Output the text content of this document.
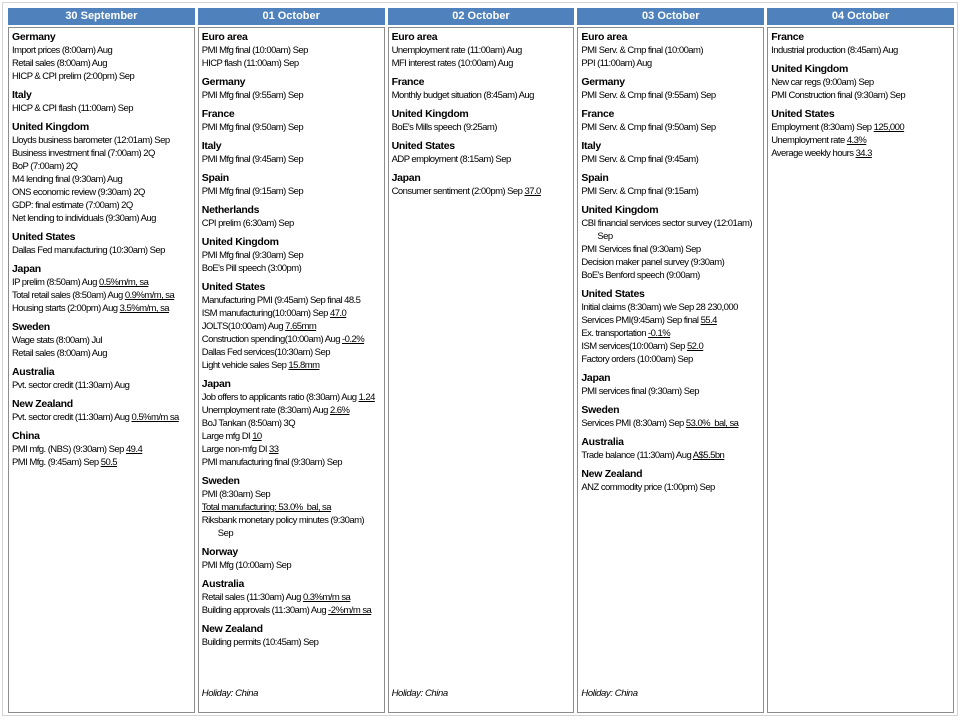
30 September
Germany
Import prices (8:00am) Aug
Retail sales (8:00am) Aug
HICP & CPI prelim (2:00pm) Sep
Italy
HICP & CPI flash (11:00am) Sep
United Kingdom
Lloyds business barometer (12:01am) Sep
Business investment final (7:00am) 2Q
BoP (7:00am) 2Q
M4 lending final (9:30am) Aug
ONS economic review (9:30am) 2Q
GDP: final estimate (7:00am) 2Q
Net lending to individuals (9:30am) Aug
United States
Dallas Fed manufacturing (10:30am) Sep
Japan
IP prelim (8:50am) Aug 0.5%m/m, sa
Total retail sales (8:50am) Aug 0.9%m/m, sa
Housing starts (2:00pm) Aug 3.5%m/m, sa
Sweden
Wage stats (8:00am) Jul
Retail sales (8:00am) Aug
Australia
Pvt. sector credit (11:30am) Aug
New Zealand
Pvt. sector credit (11:30am) Aug 0.5%m/m sa
China
PMI mfg. (NBS) (9:30am) Sep 49.4
PMI Mfg. (9:45am) Sep 50.5
01 October
Euro area
PMI Mfg final (10:00am) Sep
HICP flash (11:00am) Sep
Germany
PMI Mfg final (9:55am) Sep
France
PMI Mfg final (9:50am) Sep
Italy
PMI Mfg final (9:45am) Sep
Spain
PMI Mfg final (9:15am) Sep
Netherlands
CPI prelim (6:30am) Sep
United Kingdom
PMI Mfg final (9:30am) Sep
BoE's Pill speech (3:00pm)
United States
Manufacturing PMI (9:45am) Sep final 48.5
ISM manufacturing(10:00am) Sep 47.0
JOLTS(10:00am) Aug 7.65mm
Construction spending(10:00am) Aug -0.2%
Dallas Fed services(10:30am) Sep
Light vehicle sales Sep 15.8mm
Japan
Job offers to applicants ratio (8:30am) Aug 1.24
Unemployment rate (8:30am) Aug 2.6%
BoJ Tankan (8:50am) 3Q
Large mfg DI 10
Large non-mfg DI 33
PMI manufacturing final (9:30am) Sep
Sweden
PMI (8:30am) Sep
Total manufacturing: 53.0%  bal, sa
Riksbank monetary policy minutes (9:30am) Sep
Norway
PMI Mfg (10:00am) Sep
Australia
Retail sales (11:30am) Aug 0.3%m/m sa
Building approvals (11:30am) Aug -2%m/m sa
New Zealand
Building permits (10:45am) Sep
Holiday: China
02 October
Euro area
Unemployment rate (11:00am) Aug
MFI interest rates (10:00am) Aug
France
Monthly budget situation (8:45am) Aug
United Kingdom
BoE's Mills speech (9:25am)
United States
ADP employment (8:15am) Sep
Japan
Consumer sentiment (2:00pm) Sep 37.0
Holiday: China
03 October
Euro area
PMI Serv. & Cmp final (10:00am)
PPI (11:00am) Aug
Germany
PMI Serv. & Cmp final (9:55am) Sep
France
PMI Serv. & Cmp final (9:50am) Sep
Italy
PMI Serv. & Cmp final (9:45am)
Spain
PMI Serv. & Cmp final (9:15am)
United Kingdom
CBI financial services sector survey (12:01am) Sep
PMI Services final (9:30am) Sep
Decision maker panel survey (9:30am)
BoE's Benford speech (9:00am)
United States
Initial claims (8:30am) w/e Sep 28 230,000
Services PMI(9:45am) Sep final 55.4
Ex. transportation -0.1%
ISM services(10:00am) Sep 52.0
Factory orders (10:00am) Sep
Japan
PMI services final (9:30am) Sep
Sweden
Services PMI (8:30am) Sep 53.0%  bal, sa
Australia
Trade balance (11:30am) Aug A$5.5bn
New Zealand
ANZ commodity price (1:00pm) Sep
Holiday: China
04 October
France
Industrial production (8:45am) Aug
United Kingdom
New car regs (9:00am) Sep
PMI Construction final (9:30am) Sep
United States
Employment (8:30am) Sep 125,000
Unemployment rate 4.3%
Average weekly hours 34.3
